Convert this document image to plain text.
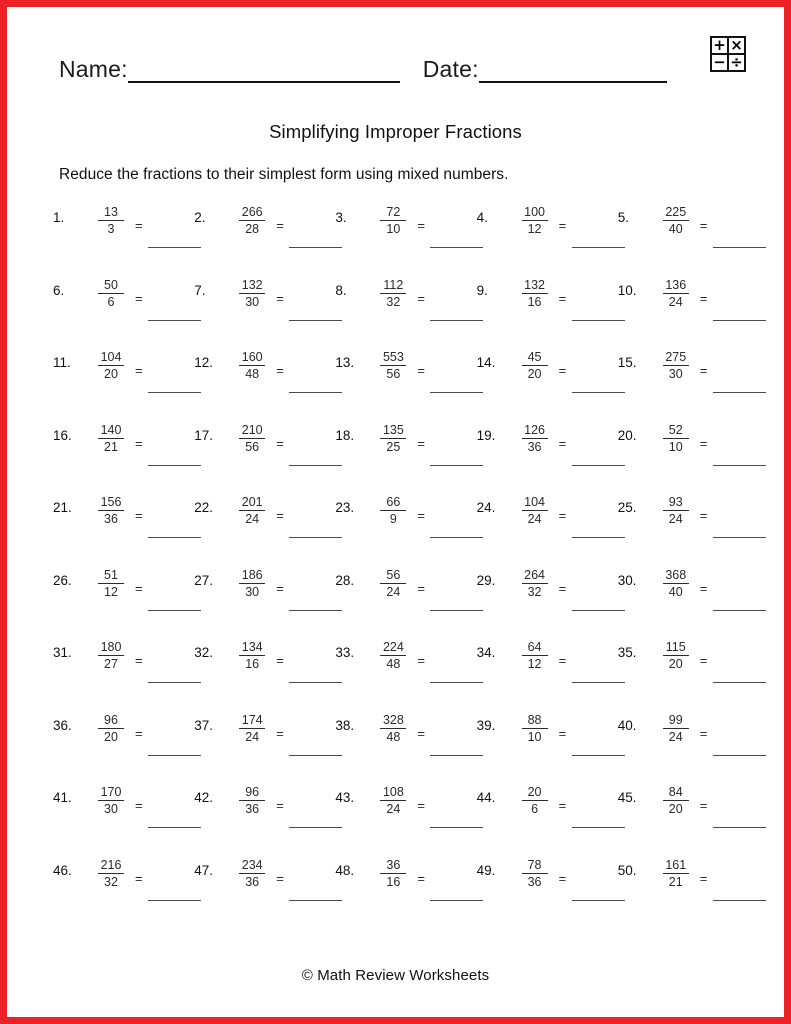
Name:	Date:
+ ×
− ÷
Simplifying Improper Fractions
Reduce the fractions to their simplest form using mixed numbers.
1.	13
3	=
2.	266
28	=
3.	72
10	=
4.	100
12	=
5.	225
40	=
6.	50
6	=
7.	132
30	=
8.	112
32	=
9.	132
16	=
10. 136
24	=
11. 104
20	=
12. 160
48	=
13. 553
56	=
14.	45
20	=
15. 275
30	=
16. 140
21	=
17. 210
56	=
18. 135
25	=
19. 126
36	=
20.	52
10	=
21. 156
36	=
22. 201
24	=
23.	66
9	=
24. 104
24	=
25.	93
24	=
26.	51
12	=
27. 186
30	=
28.	56
24	=
29. 264
32	=
30. 368
40	=
31. 180
27	=
32. 134
16	=
33. 224
48	=
34.	64
12	=
35. 115
20	=
36.	96
20	=
37. 174
24	=
38. 328
48	=
39.	88
10	=
40.	99
24	=
41. 170
30	=
42.	96
36	=
43. 108
24	=
44.	20
6	=
45.	84
20	=
46. 216
32	=
47. 234
36	=
48.	36
16	=
49.	78
36	=
50. 161
21	=
© Math Review Worksheets
